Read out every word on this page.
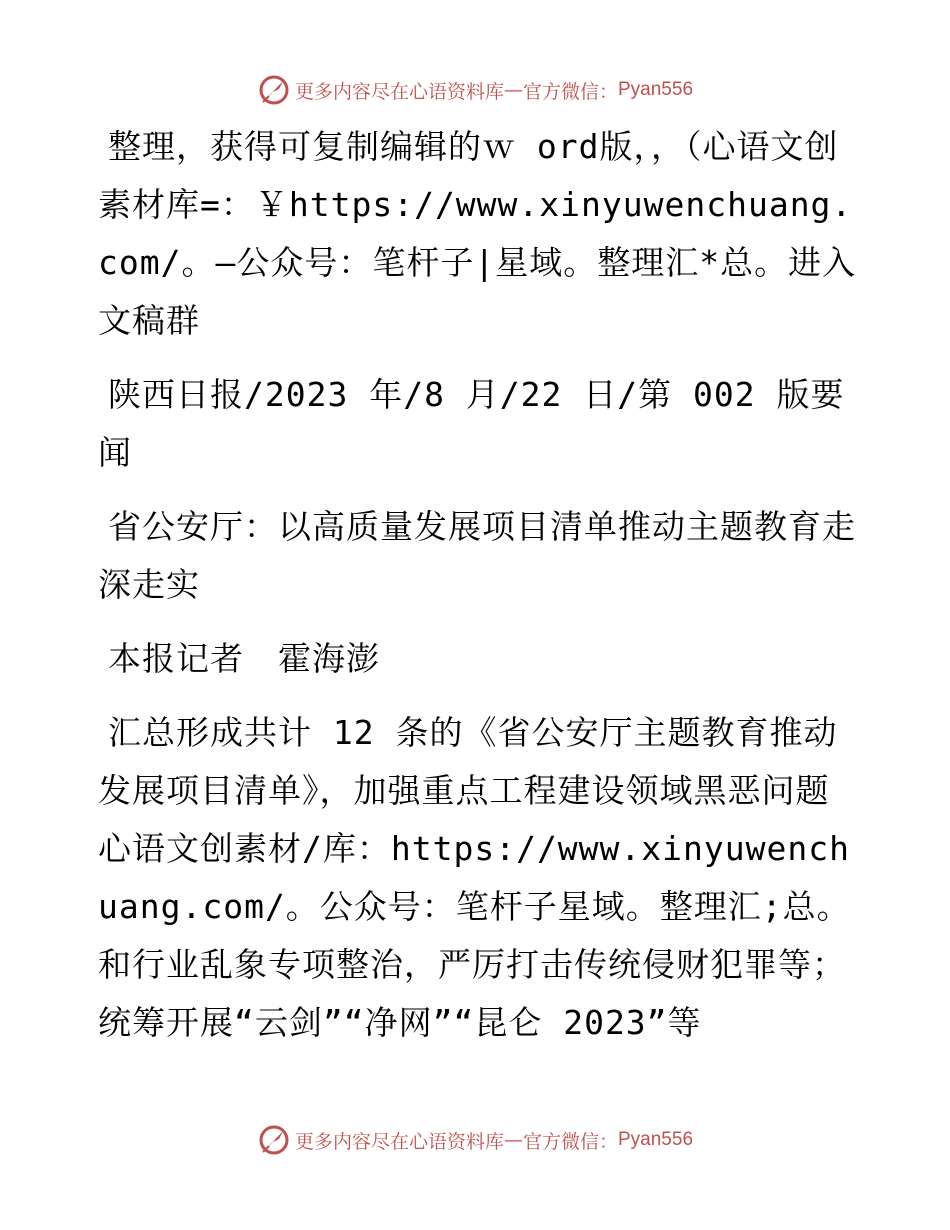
更多内容尽在心语资料库 — 官方微信： Pyan556

整理，获得可复制编辑的ｗ ord版，，（心语文创素材库=：￥https://www.xinyuwenchuang.com/。—公众号：笔杆子|星域。整理汇*总。进入文稿群

陕西日报/2023 年/8 月/22 日/第 002 版要闻

省公安厅：以高质量发展项目清单推动主题教育走深走实

本报记者　霍海澎

汇总形成共计 12 条的《省公安厅主题教育推动发展项目清单》，加强重点工程建设领域黑恶问题心语文创素材/库：https://www.xinyuwenchuang.com/。公众号：笔杆子星域。整理汇;总。和行业乱象专项整治，严厉打击传统侵财犯罪等；统筹开展“云剑”“净网”“昆仑 2023”等

更多内容尽在心语资料库 — 官方微信： Pyan556
